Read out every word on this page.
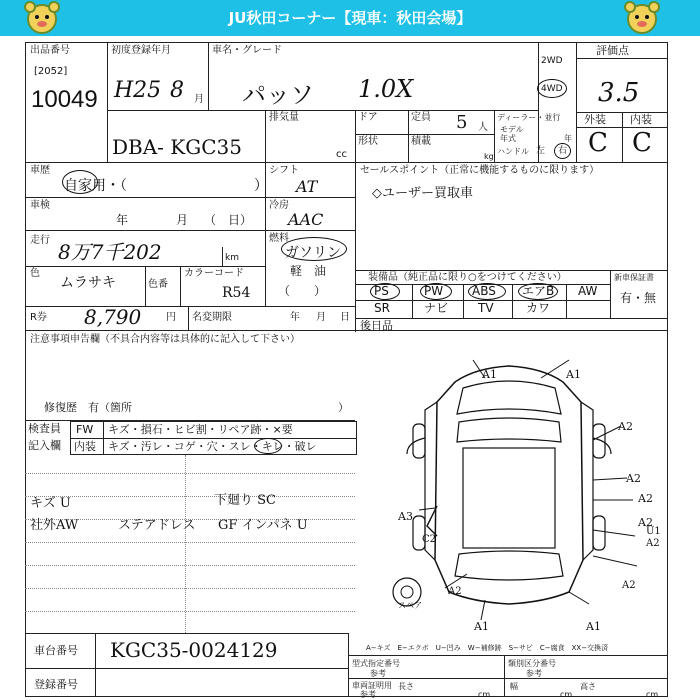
JU秋田コーナー【現車：秋田会場】
出品番号
[2052]
10049
初度登録年月
H25 8 月
車名・グレード
パッソ 1.0X
2WD
4WD
評価点
3.5
外装 内装
C C
DBA- KGC35
排気量
cc
ドア
形状
定員 5 人
積載
kg
ディーラー・並行
モデル
年式	年
ハンドル 左 右
車歴
自家用・（	）
シフト
AT
車検
年	月 （　日）
冷房
AAC
走行 8万7千202	km
燃料
ガソリン
軽　油
（　　）
色
ムラサキ	色番
カラーコード
R54
R券 8,790 円 名変期限	年 月 日
セールスポイント（正常に機能するものに限ります）
◇ユーザー買取車
装備品（純正品に限り○をつけてください）	新車保証書
PS	PW ABS エアB AW
SR	ナビ TV	カワ
有・無
後日品
注意事項申告欄（不具合内容等は具体的に記入して下さい）
修復歴　有（箇所	）
検査員
記入欄
FW キズ・損石・ヒビ割・リペア跡・×要
内装 キズ・汚レ・コゲ・穴・スレ・キレ・破レ
キズ U	下廻り SC
社外AW	ステアドレス GF インパネ U
A1	A1
A2
A2
A2
A2
A3
U1
A2
C2
A2
A2
A1	A1
スペア
A−キズ　E−エクボ　U−凹み　W−補修跡　S−サビ　C−腐食　XX−交換済
車台番号 KGC35-0024129
登録番号
型式指定番号
参考
類別区分番号
参考
車両証明用
参考
長さ
cm
幅
cm
高さ
cm
